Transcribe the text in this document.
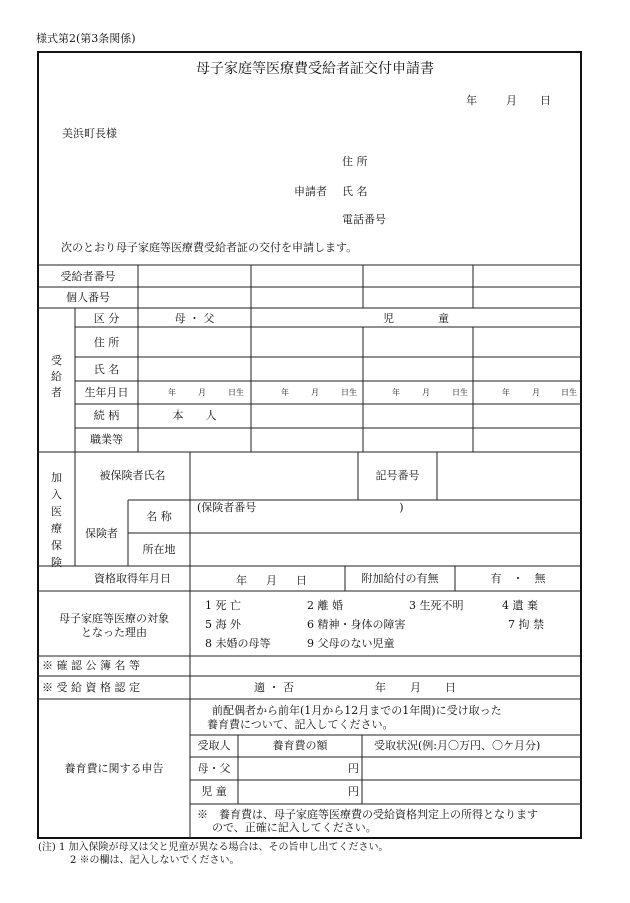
様式第2(第3条関係)
母子家庭等医療費受給者証交付申請書
年	月 日
美浜町長様
住 所
申請者 氏 名
電話番号
次のとおり母子家庭等医療費受給者証の交付を申請します。
受給者番号
個人番号
受
給
者
区 分	母 ・ 父	児　　　　童
住 所
氏 名
生年月日	年	月	日生	年	月	日生	年	月	日生	年	月	日生
続 柄	本　　人
職業等
加
入
医
療
保
険
被保険者氏名	記号番号
保険者
名 称
(保険者番号　　　　　　　　　　　　　)
所在地
資格取得年月日	年 月 日	附加給付の有無	有　・　無
母子家庭等医療の対象
となった理由
1 死 亡	2 離 婚	3 生死不明	4 遺 棄
5 海 外	6 精神・身体の障害	7 拘 禁
8 未婚の母等	9 父母のない児童
※ 確 認 公 簿 名 等
※ 受 給 資 格 認 定	適 ・ 否	年 月 日
養育費に関する申告
前配偶者から前年(1月から12月までの1年間)に受け取った
養育費について、記入してください。
受取人	養育費の額	受取状況(例:月〇万円、〇ケ月分)
母・父	円
児 童	円
※　養育費は、母子家庭等医療費の受給資格判定上の所得となります
ので、正確に記入してください。
(注) 1 加入保険が母又は父と児童が異なる場合は、その旨申し出てください。
2 ※の欄は、記入しないでください。
